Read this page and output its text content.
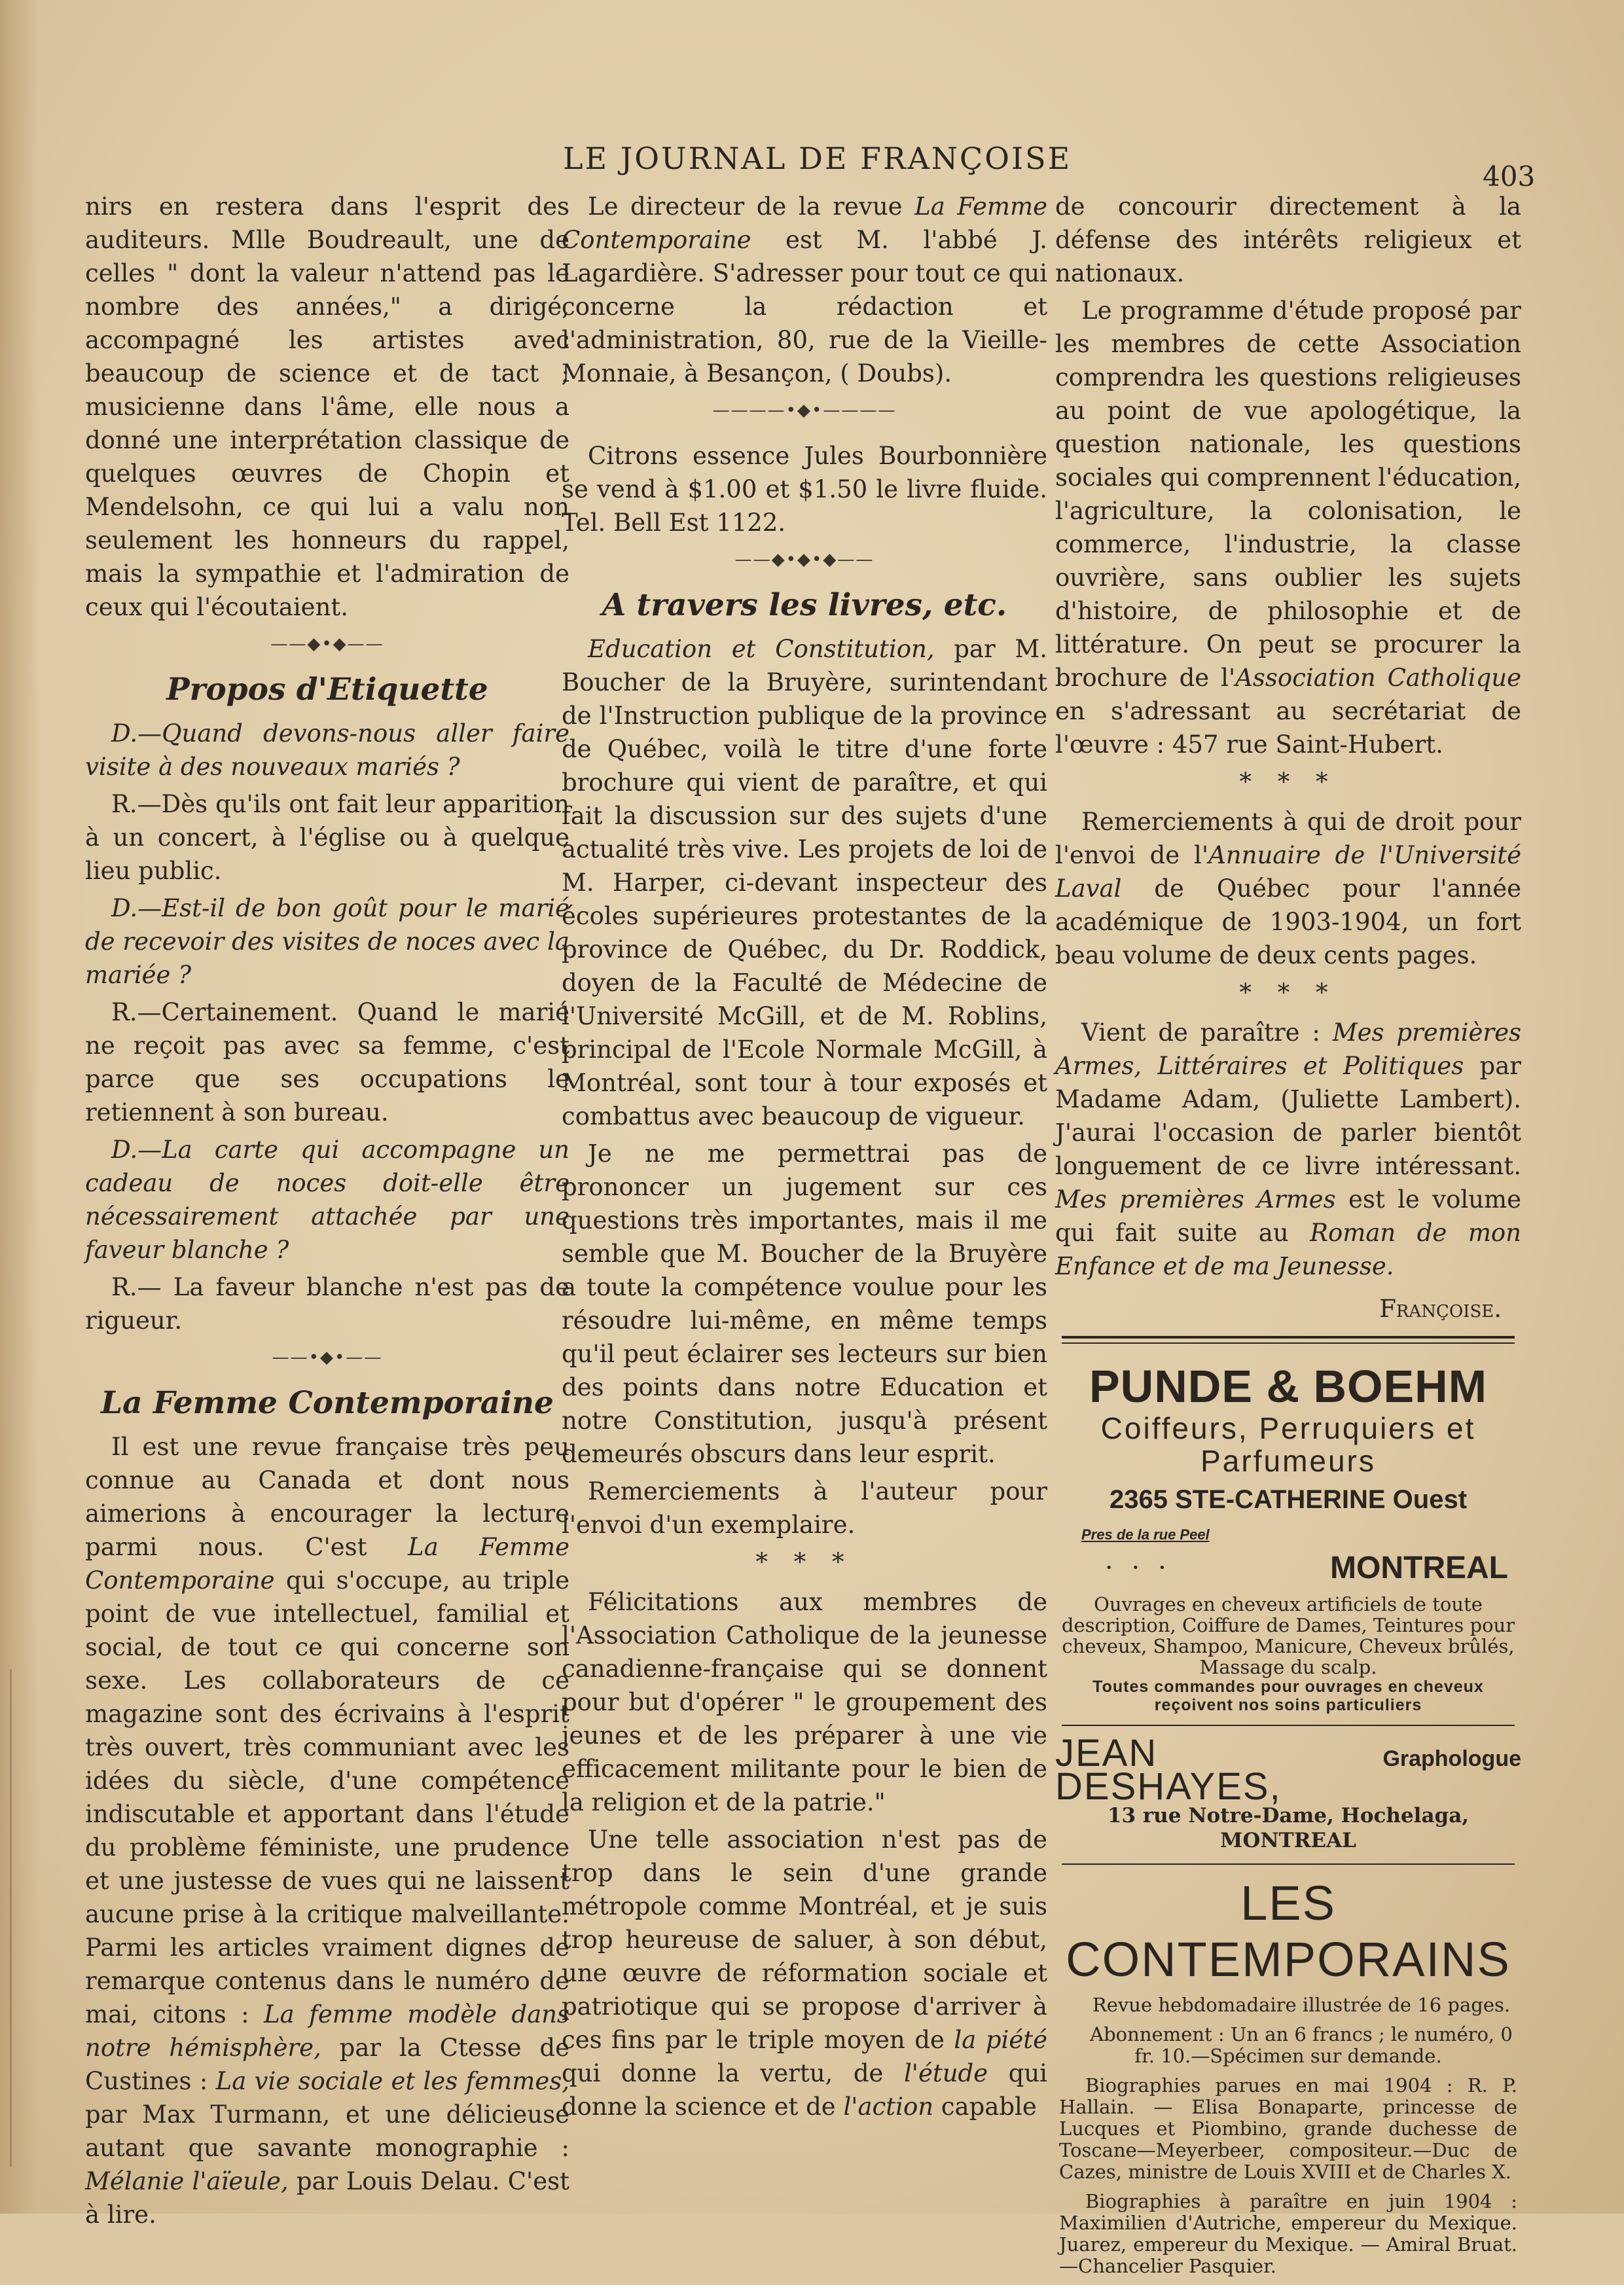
LE JOURNAL DE FRANÇOISE
403

nirs en restera dans l'esprit des auditeurs. Mlle Boudreault, une de celles " dont la valeur n'attend pas le nombre des années," a dirigé, accompagné les artistes avec beaucoup de science et de tact ; musicienne dans l'âme, elle nous a donné une interprétation classique de quelques œuvres de Chopin et Mendelsohn, ce qui lui a valu non seulement les honneurs du rappel, mais la sympathie et l'admiration de ceux qui l'écoutaient.

——◆•◆——
Propos d'Etiquette

D.—Quand devons-nous aller faire visite à des nouveaux mariés ?

R.—Dès qu'ils ont fait leur apparition à un concert, à l'église ou à quelque lieu public.

D.—Est-il de bon goût pour le marié de recevoir des visites de noces avec la mariée ?

R.—Certainement. Quand le marié ne reçoit pas avec sa femme, c'est parce que ses occupations le retiennent à son bureau.

D.—La carte qui accompagne un cadeau de noces doit-elle être nécessairement attachée par une faveur blanche ?

R.— La faveur blanche n'est pas de rigueur.

——•◆•——
La Femme Contemporaine

Il est une revue française très peu connue au Canada et dont nous aimerions à encourager la lecture parmi nous. C'est La Femme Contemporaine qui s'occupe, au triple point de vue intellectuel, familial et social, de tout ce qui concerne son sexe. Les collaborateurs de ce magazine sont des écrivains à l'esprit très ouvert, très communiant avec les idées du siècle, d'une compétence indiscutable et apportant dans l'étude du problème féministe, une prudence et une justesse de vues qui ne laissent aucune prise à la critique malveillante. Parmi les articles vraiment dignes de remarque contenus dans le numéro de mai, citons : La femme modèle dans notre hémisphère, par la Ctesse de Custines : La vie sociale et les femmes, par Max Turmann, et une délicieuse autant que savante monographie : Mélanie l'aïeule, par Louis Delau. C'est à lire.

Le directeur de la revue La Femme Contemporaine est M. l'abbé J. Lagardière. S'adresser pour tout ce qui concerne la rédaction et l'administration, 80, rue de la Vieille-Monnaie, à Besançon, ( Doubs).

————•◆•————

Citrons essence Jules Bourbonnière se vend à $1.00 et $1.50 le livre fluide. Tel. Bell Est 1122.

——◆•◆•◆——
A travers les livres, etc.

Education et Constitution, par M. Boucher de la Bruyère, surintendant de l'Instruction publique de la province de Québec, voilà le titre d'une forte brochure qui vient de paraître, et qui fait la discussion sur des sujets d'une actualité très vive. Les projets de loi de M. Harper, ci-devant inspecteur des écoles supérieures protestantes de la province de Québec, du Dr. Roddick, doyen de la Faculté de Médecine de l'Université McGill, et de M. Roblins, principal de l'Ecole Normale McGill, à Montréal, sont tour à tour exposés et combattus avec beaucoup de vigueur.

Je ne me permettrai pas de prononcer un jugement sur ces questions très importantes, mais il me semble que M. Boucher de la Bruyère a toute la compétence voulue pour les résoudre lui-même, en même temps qu'il peut éclairer ses lecteurs sur bien des points dans notre Education et notre Constitution, jusqu'à présent demeurés obscurs dans leur esprit.

Remerciements à l'auteur pour l'envoi d'un exemplaire.

* * *

Félicitations aux membres de l'Association Catholique de la jeunesse canadienne-française qui se donnent pour but d'opérer " le groupement des jeunes et de les préparer à une vie efficacement militante pour le bien de la religion et de la patrie."

Une telle association n'est pas de trop dans le sein d'une grande métropole comme Montréal, et je suis trop heureuse de saluer, à son début, une œuvre de réformation sociale et patriotique qui se propose d'arriver à ces fins par le triple moyen de la piété qui donne la vertu, de l'étude qui donne la science et de l'action capable

de concourir directement à la défense des intérêts religieux et nationaux.

Le programme d'étude proposé par les membres de cette Association comprendra les questions religieuses au point de vue apologétique, la question nationale, les questions sociales qui comprennent l'éducation, l'agriculture, la colonisation, le commerce, l'industrie, la classe ouvrière, sans oublier les sujets d'histoire, de philosophie et de littérature. On peut se procurer la brochure de l'Association Catholique en s'adressant au secrétariat de l'œuvre : 457 rue Saint-Hubert.

* * *

Remerciements à qui de droit pour l'envoi de l'Annuaire de l'Université Laval de Québec pour l'année académique de 1903-1904, un fort beau volume de deux cents pages.

* * *

Vient de paraître : Mes premières Armes, Littéraires et Politiques par Madame Adam, (Juliette Lambert). J'aurai l'occasion de parler bientôt longuement de ce livre intéressant. Mes premières Armes est le volume qui fait suite au Roman de mon Enfance et de ma Jeunesse.

Françoise.
PUNDE & BOEHM
Coiffeurs, Perruquiers et Parfumeurs
2365 STE-CATHERINE Ouest
Pres de la rue Peel
•••	MONTREAL
Ouvrages en cheveux artificiels de toute description, Coiffure de Dames, Teintures pour cheveux, Shampoo, Manicure, Cheveux brûlés, Massage du scalp.
Toutes commandes pour ouvrages en cheveux reçoivent nos soins particuliers
JEAN DESHAYES,
Graphologue
13 rue Notre-Dame, Hochelaga,
MONTREAL
LES CONTEMPORAINS

Revue hebdomadaire illustrée de 16 pages.

Abonnement : Un an 6 francs ; le numéro, 0 fr. 10.—Spécimen sur demande.

Biographies parues en mai 1904 : R. P. Hallain. — Elisa Bonaparte, princesse de Lucques et Piombino, grande duchesse de Toscane—Meyerbeer, compositeur.—Duc de Cazes, ministre de Louis XVIII et de Charles X.

Biographies à paraître en juin 1904 : Maximilien d'Autriche, empereur du Mexique. Juarez, empereur du Mexique. — Amiral Bruat.—Chancelier Pasquier.
